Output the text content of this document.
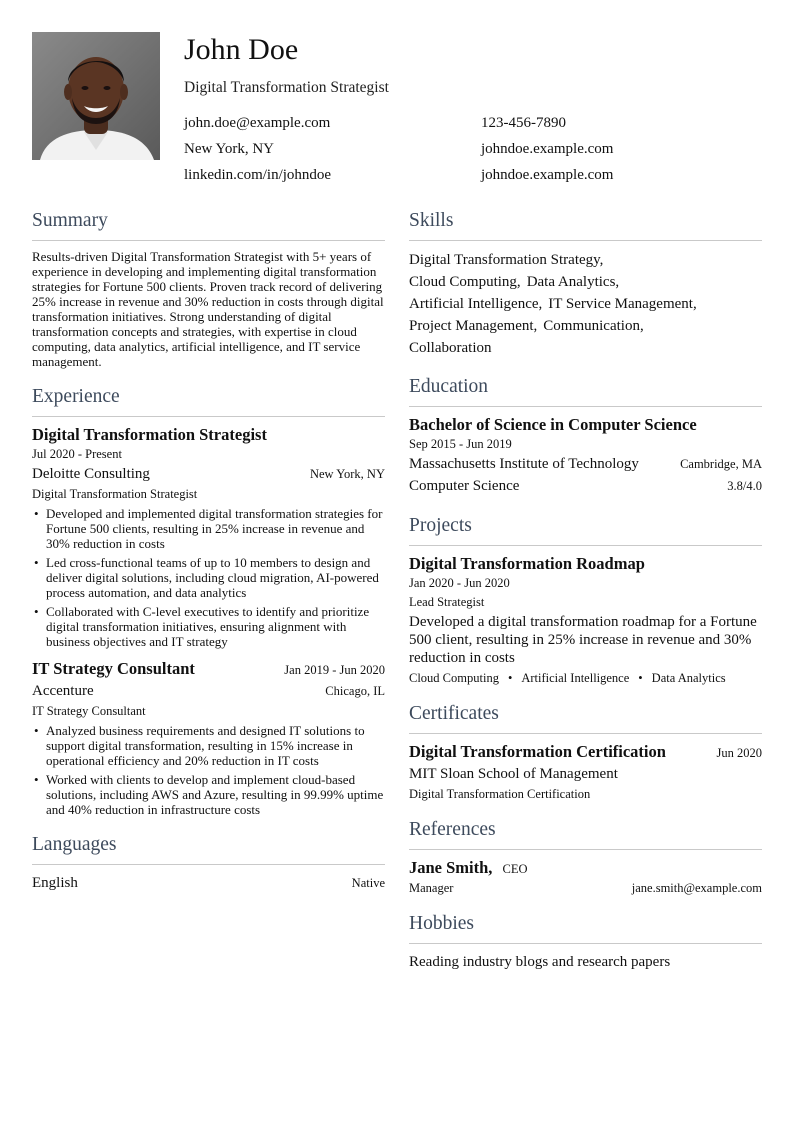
John Doe
Digital Transformation Strategist
john.doe@example.com	123-456-7890
New York, NY	johndoe.example.com
linkedin.com/in/johndoe	johndoe.example.com
Summary
Results-driven Digital Transformation Strategist with 5+ years of experience in developing and implementing digital transformation strategies for Fortune 500 clients. Proven track record of delivering 25% increase in revenue and 30% reduction in costs through digital transformation initiatives. Strong understanding of digital transformation concepts and strategies, with expertise in cloud computing, data analytics, artificial intelligence, and IT service management.
Experience
Digital Transformation Strategist
Jul 2020 - Present
Deloitte Consulting	New York, NY
Digital Transformation Strategist
• Developed and implemented digital transformation strategies for Fortune 500 clients, resulting in 25% increase in revenue and 30% reduction in costs
• Led cross-functional teams of up to 10 members to design and deliver digital solutions, including cloud migration, AI-powered process automation, and data analytics
• Collaborated with C-level executives to identify and prioritize digital transformation initiatives, ensuring alignment with business objectives and IT strategy
IT Strategy Consultant	Jan 2019 - Jun 2020
Accenture	Chicago, IL
IT Strategy Consultant
• Analyzed business requirements and designed IT solutions to support digital transformation, resulting in 15% increase in operational efficiency and 20% reduction in IT costs
• Worked with clients to develop and implement cloud-based solutions, including AWS and Azure, resulting in 99.99% uptime and 40% reduction in infrastructure costs
Languages
English	Native
Skills
Digital Transformation Strategy,
Cloud Computing, Data Analytics,
Artificial Intelligence, IT Service Management,
Project Management, Communication,
Collaboration
Education
Bachelor of Science in Computer Science
Sep 2015 - Jun 2019
Massachusetts Institute of Technology	Cambridge, MA
Computer Science	3.8/4.0
Projects
Digital Transformation Roadmap
Jan 2020 - Jun 2020
Lead Strategist
Developed a digital transformation roadmap for a Fortune 500 client, resulting in 25% increase in revenue and 30% reduction in costs
Cloud Computing • Artificial Intelligence • Data Analytics
Certificates
Digital Transformation Certification	Jun 2020
MIT Sloan School of Management
Digital Transformation Certification
References
Jane Smith, CEO
Manager	jane.smith@example.com
Hobbies
Reading industry blogs and research papers
